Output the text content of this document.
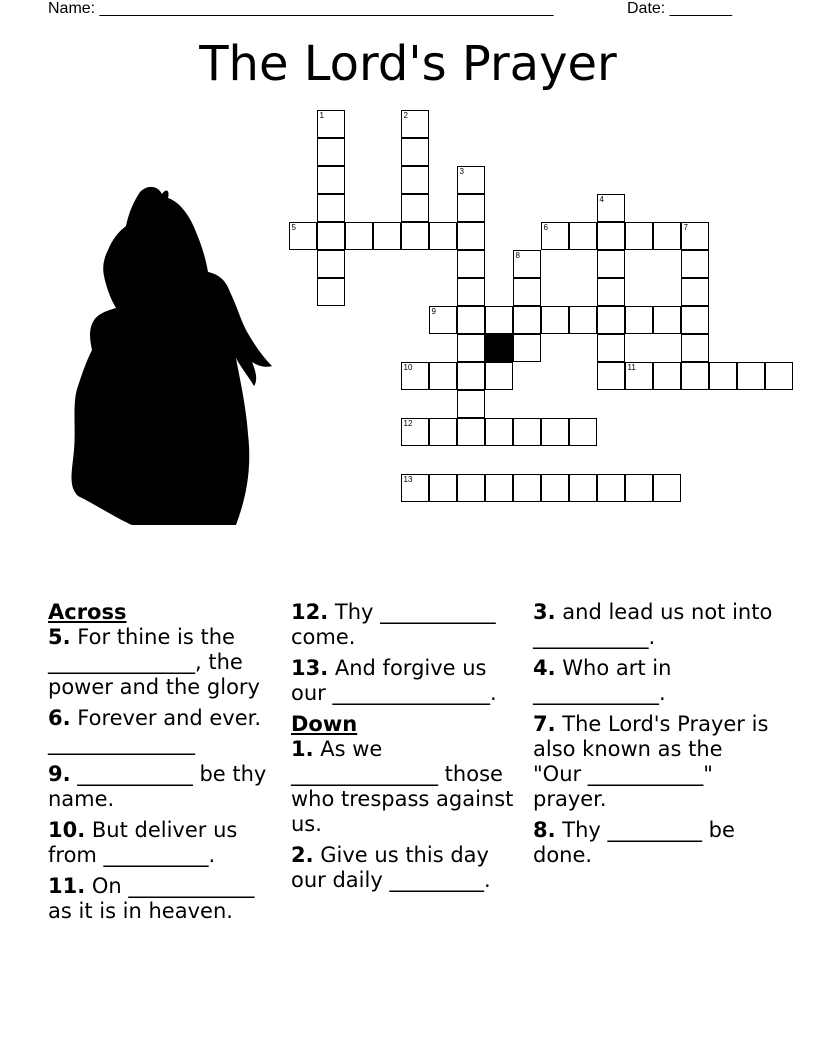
Name: ___________________________________________________	Date: _______
The Lord's Prayer
5	6
9
10	11
12
13
1	2
3
4
7
8
Across
5. For thine is the ______________, the power and the glory
6. Forever and ever. ______________
9. ___________ be thy name.
10. But deliver us from __________.
11. On ____________ as it is in heaven.
12. Thy ___________ come.
13. And forgive us our _______________.
Down
1. As we ______________ those who trespass against us.
2. Give us this day our daily _________.
3. and lead us not into ___________.
4. Who art in ____________.
7. The Lord's Prayer is also known as the "Our ___________" prayer.
8. Thy _________ be done.
